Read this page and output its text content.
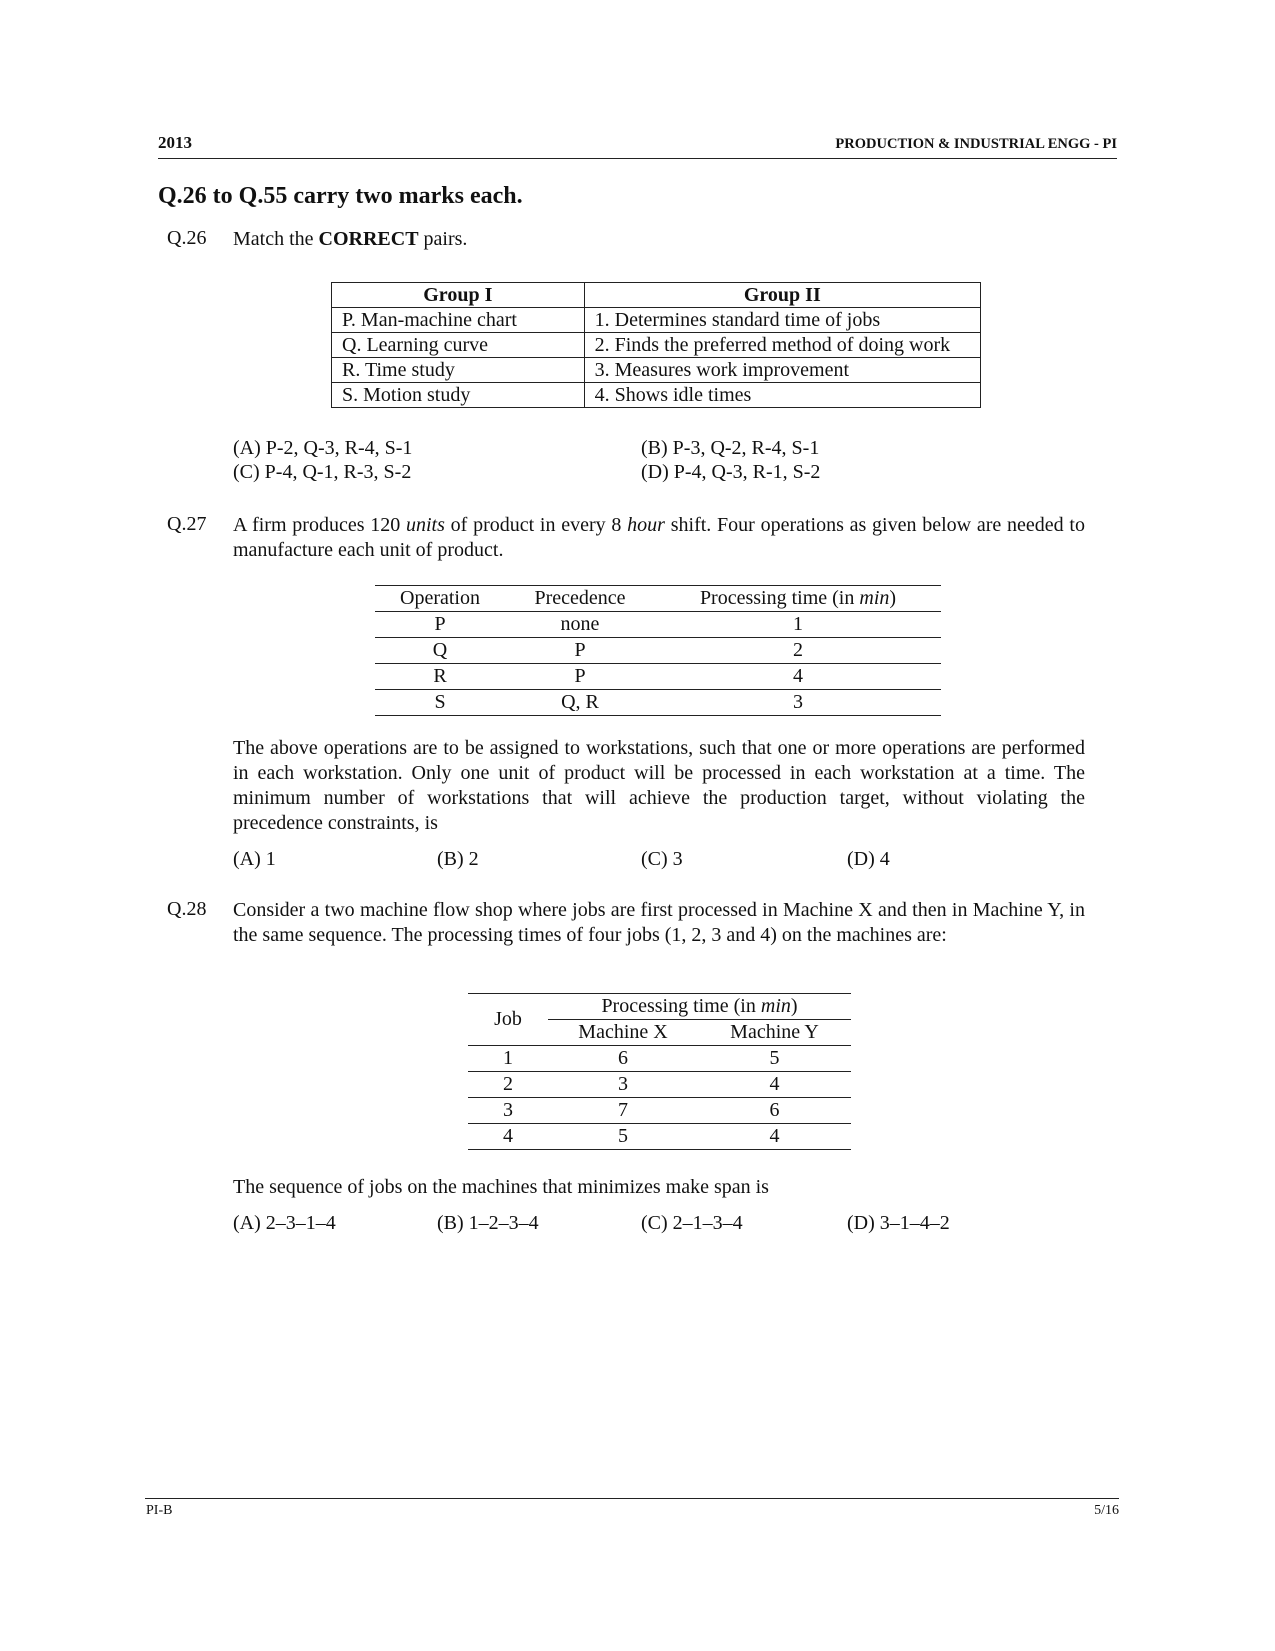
2013	PRODUCTION & INDUSTRIAL ENGG - PI
Q.26 to Q.55 carry two marks each.
Q.26 Match the CORRECT pairs.
Group I	Group II
P. Man-machine chart	1. Determines standard time of jobs
Q. Learning curve	2. Finds the preferred method of doing work
R. Time study	3. Measures work improvement
S. Motion study	4. Shows idle times
(A) P-2, Q-3, R-4, S-1	(B) P-3, Q-2, R-4, S-1
(C) P-4, Q-1, R-3, S-2	(D) P-4, Q-3, R-1, S-2
Q.27 A firm produces 120 units of product in every 8 hour shift. Four operations as given below are needed to manufacture each unit of product.
Operation	Precedence	Processing time (in min)
P	none	1
Q	P	2
R	P	4
S	Q, R	3
The above operations are to be assigned to workstations, such that one or more operations are performed in each workstation. Only one unit of product will be processed in each workstation at a time. The minimum number of workstations that will achieve the production target, without violating the precedence constraints, is
(A) 1	(B) 2	(C) 3	(D) 4
Q.28 Consider a two machine flow shop where jobs are first processed in Machine X and then in Machine Y, in the same sequence. The processing times of four jobs (1, 2, 3 and 4) on the machines are:
Job	Processing time (in min)	
	Machine X	Machine Y
1	6	5
2	3	4
3	7	6
4	5	4
The sequence of jobs on the machines that minimizes make span is
(A) 2–3–1–4	(B) 1–2–3–4	(C) 2–1–3–4	(D) 3–1–4–2
PI-B	5/16
